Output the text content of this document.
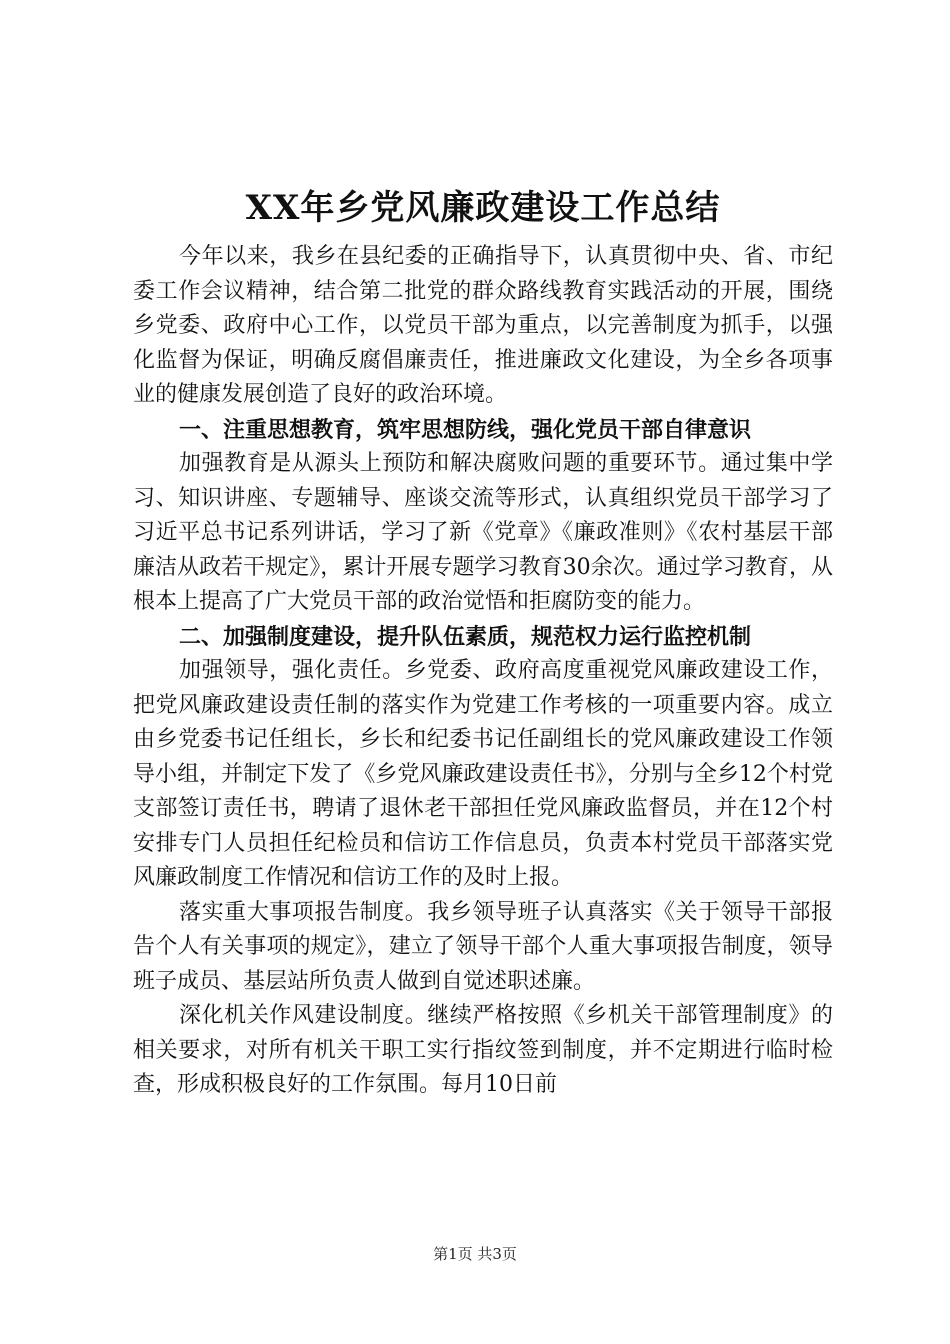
XX年乡党风廉政建设工作总结

今年以来，我乡在县纪委的正确指导下，认真贯彻中央、省、市纪委工作会议精神，结合第二批党的群众路线教育实践活动的开展，围绕乡党委、政府中心工作，以党员干部为重点，以完善制度为抓手，以强化监督为保证，明确反腐倡廉责任，推进廉政文化建设，为全乡各项事业的健康发展创造了良好的政治环境。

一、注重思想教育，筑牢思想防线，强化党员干部自律意识

加强教育是从源头上预防和解决腐败问题的重要环节。通过集中学习、知识讲座、专题辅导、座谈交流等形式，认真组织党员干部学习了习近平总书记系列讲话，学习了新《党章》《廉政准则》《农村基层干部廉洁从政若干规定》，累计开展专题学习教育30余次。通过学习教育，从根本上提高了广大党员干部的政治觉悟和拒腐防变的能力。

二、加强制度建设，提升队伍素质，规范权力运行监控机制

加强领导，强化责任。乡党委、政府高度重视党风廉政建设工作，把党风廉政建设责任制的落实作为党建工作考核的一项重要内容。成立由乡党委书记任组长，乡长和纪委书记任副组长的党风廉政建设工作领导小组，并制定下发了《乡党风廉政建设责任书》，分别与全乡12个村党支部签订责任书，聘请了退休老干部担任党风廉政监督员，并在12个村安排专门人员担任纪检员和信访工作信息员，负责本村党员干部落实党风廉政制度工作情况和信访工作的及时上报。

落实重大事项报告制度。我乡领导班子认真落实《关于领导干部报告个人有关事项的规定》，建立了领导干部个人重大事项报告制度，领导班子成员、基层站所负责人做到自觉述职述廉。

深化机关作风建设制度。继续严格按照《乡机关干部管理制度》的相关要求，对所有机关干职工实行指纹签到制度，并不定期进行临时检查，形成积极良好的工作氛围。每月10日前

第1页 共3页
